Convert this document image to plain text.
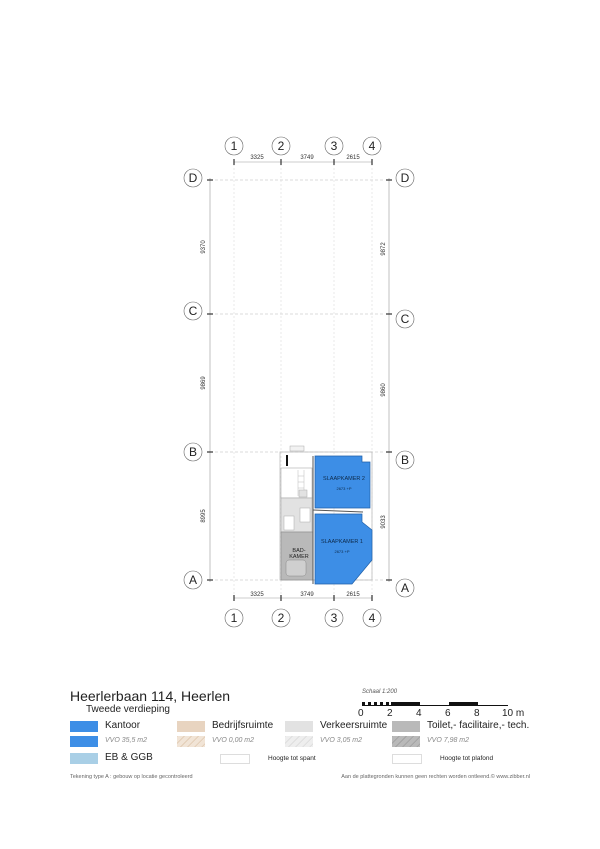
1	2	3	4
1	2	3	4
D
C
B
A
D
C
B
A
3325	3749	2615
3325	3749	2615
9370
9869
8995
9872
9860
9033
BAD-
KAMER
SLAAPKAMER 2
2673 +P
SLAAPKAMER 1
2673 +P
Heerlerbaan 114, Heerlen
Tweede verdieping
Schaal 1:200
0 2 4 6 8 10 m
Kantoor
VVO 35,5 m2
Bedrijfsruimte
VVO 0,00 m2
Verkeersruimte
VVO 3,05 m2
Toilet,- facilitaire,- tech.
VVO 7,98 m2
EB & GGB	Hoogte tot spant	Hoogte tot plafond
Tekening type A : gebouw op locatie gecontroleerd	Aan de plattegronden kunnen geen rechten worden ontleend.© www.zibber.nl
